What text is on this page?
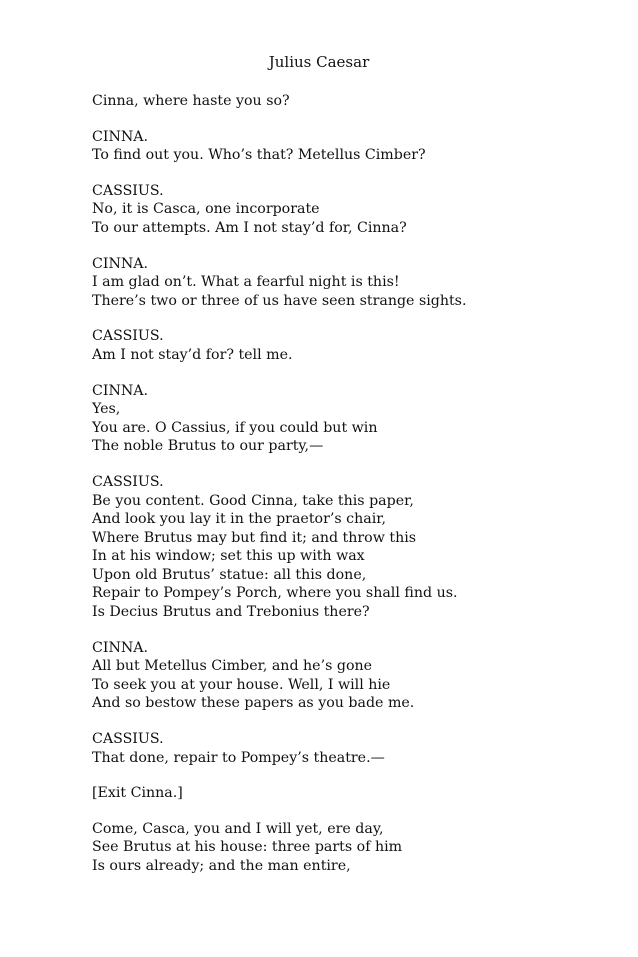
Julius Caesar
Cinna, where haste you so?
CINNA.
To find out you. Who’s that? Metellus Cimber?
CASSIUS.
No, it is Casca, one incorporate
To our attempts. Am I not stay’d for, Cinna?
CINNA.
I am glad on’t. What a fearful night is this!
There’s two or three of us have seen strange sights.
CASSIUS.
Am I not stay’d for? tell me.
CINNA.
Yes,
You are. O Cassius, if you could but win
The noble Brutus to our party,—
CASSIUS.
Be you content. Good Cinna, take this paper,
And look you lay it in the praetor’s chair,
Where Brutus may but find it; and throw this
In at his window; set this up with wax
Upon old Brutus’ statue: all this done,
Repair to Pompey’s Porch, where you shall find us.
Is Decius Brutus and Trebonius there?
CINNA.
All but Metellus Cimber, and he’s gone
To seek you at your house. Well, I will hie
And so bestow these papers as you bade me.
CASSIUS.
That done, repair to Pompey’s theatre.—
[Exit Cinna.]
Come, Casca, you and I will yet, ere day,
See Brutus at his house: three parts of him
Is ours already; and the man entire,
